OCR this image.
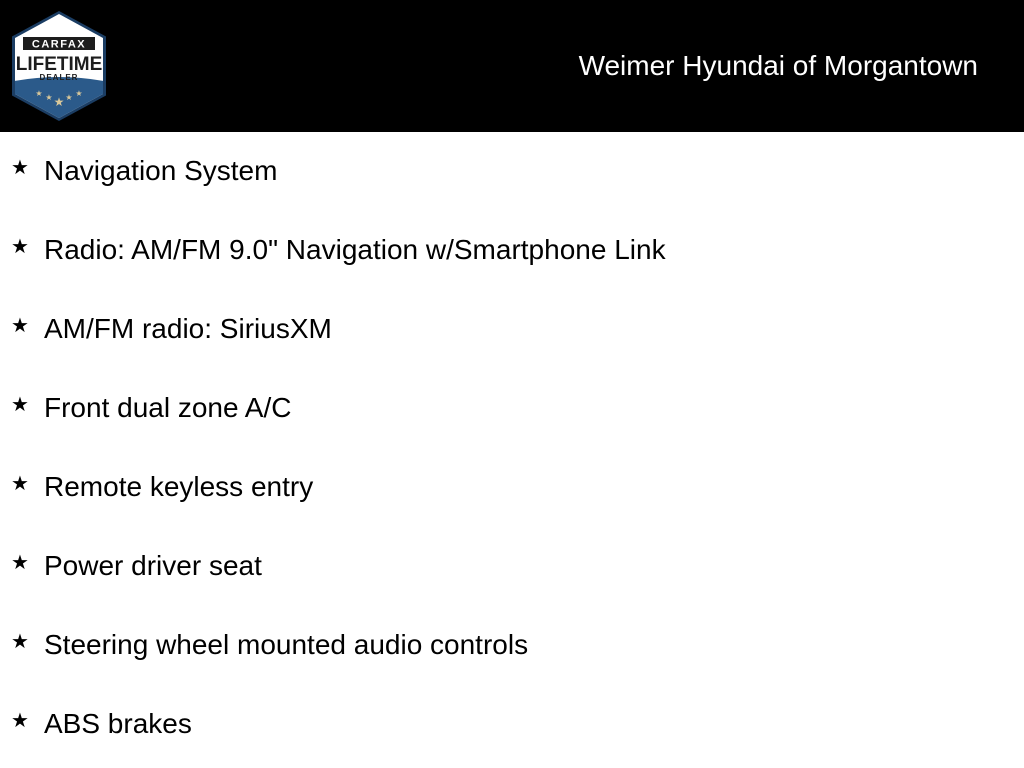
CARFAX
LIFETIME
DEALER
★ ★ ★ ★ ★
Weimer Hyundai of Morgantown
★ Navigation System
★ Radio: AM/FM 9.0" Navigation w/Smartphone Link
★ AM/FM radio: SiriusXM
★ Front dual zone A/C
★ Remote keyless entry
★ Power driver seat
★ Steering wheel mounted audio controls
★ ABS brakes
